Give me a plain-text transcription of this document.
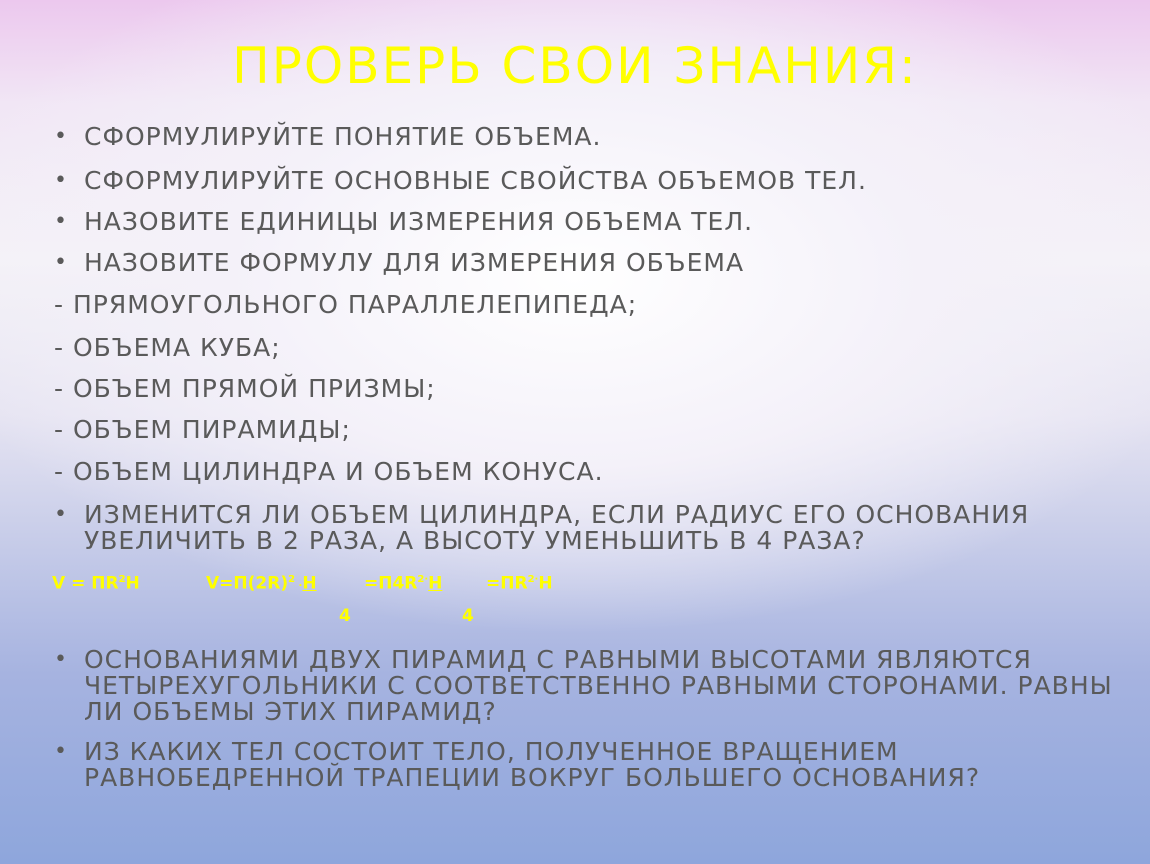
ПРОВЕРЬ СВОИ ЗНАНИЯ:
• СФОРМУЛИРУЙТЕ ПОНЯТИЕ ОБЪЕМА.
• СФОРМУЛИРУЙТЕ ОСНОВНЫЕ СВОЙСТВА ОБЪЕМОВ ТЕЛ.
• НАЗОВИТЕ ЕДИНИЦЫ ИЗМЕРЕНИЯ ОБЪЕМА ТЕЛ.
• НАЗОВИТЕ ФОРМУЛУ ДЛЯ ИЗМЕРЕНИЯ ОБЪЕМА
- ПРЯМОУГОЛЬНОГО ПАРАЛЛЕЛЕПИПЕДА;
- ОБЪЕМА КУБА;
- ОБЪЕМ ПРЯМОЙ ПРИЗМЫ;
- ОБЪЕМ ПИРАМИДЫ;
- ОБЪЕМ ЦИЛИНДРА И ОБЪЕМ КОНУСА.
• ИЗМЕНИТСЯ ЛИ ОБЪЕМ ЦИЛИНДРА, ЕСЛИ РАДИУС ЕГО ОСНОВАНИЯ
УВЕЛИЧИТЬ В 2 РАЗА, А ВЫСОТУ УМЕНЬШИТЬ В 4 РАЗА?
$V = ПR^2H$	$V=П(2R)^2 \cdot H$	$=П4R^{2\cdot}H$	$=ПR^{2\cdot}H$
4	4
• ОСНОВАНИЯМИ ДВУХ ПИРАМИД С РАВНЫМИ ВЫСОТАМИ ЯВЛЯЮТСЯ
ЧЕТЫРЕХУГОЛЬНИКИ С СООТВЕТСТВЕННО РАВНЫМИ СТОРОНАМИ. РАВНЫ
ЛИ ОБЪЕМЫ ЭТИХ ПИРАМИД?
• ИЗ КАКИХ ТЕЛ СОСТОИТ ТЕЛО, ПОЛУЧЕННОЕ ВРАЩЕНИЕМ
РАВНОБЕДРЕННОЙ ТРАПЕЦИИ ВОКРУГ БОЛЬШЕГО ОСНОВАНИЯ?
